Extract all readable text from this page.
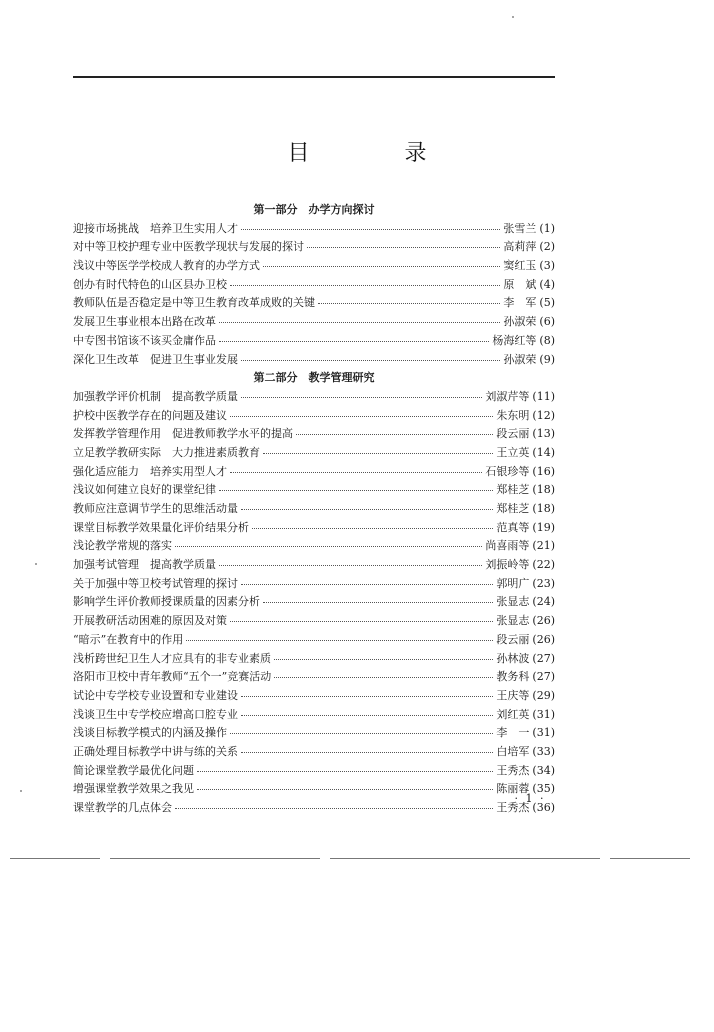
目 录
第一部分　办学方向探讨
迎接市场挑战　培养卫生实用人才	张雪兰 (1)
对中等卫校护理专业中医教学现状与发展的探讨	高莉萍 (2)
浅议中等医学学校成人教育的办学方式	窦红玉 (3)
创办有时代特色的山区县办卫校	原　斌 (4)
教师队伍是否稳定是中等卫生教育改革成败的关键	李　军 (5)
发展卫生事业根本出路在改革	孙淑荣 (6)
中专图书馆该不该买金庸作品	杨海红等 (8)
深化卫生改革　促进卫生事业发展	孙淑荣 (9)
第二部分　教学管理研究
加强教学评价机制　提高教学质量	刘淑芹等 (11)
护校中医教学存在的问题及建议	朱东明 (12)
发挥教学管理作用　促进教师教学水平的提高	段云丽 (13)
立足教学教研实际　大力推进素质教育	王立英 (14)
强化适应能力　培养实用型人才	石银珍等 (16)
浅议如何建立良好的课堂纪律	郑桂芝 (18)
教师应注意调节学生的思维活动量	郑桂芝 (18)
课堂目标教学效果量化评价结果分析	范真等 (19)
浅论教学常规的落实	尚喜雨等 (21)
加强考试管理　提高教学质量	刘振岭等 (22)
关于加强中等卫校考试管理的探讨	郭明广 (23)
影响学生评价教师授课质量的因素分析	张显志 (24)
开展教研活动困难的原因及对策	张显志 (26)
“暗示”在教育中的作用	段云丽 (26)
浅析跨世纪卫生人才应具有的非专业素质	孙林波 (27)
洛阳市卫校中青年教师“五个一”竞赛活动	教务科 (27)
试论中专学校专业设置和专业建设	王庆等 (29)
浅谈卫生中专学校应增高口腔专业	刘红英 (31)
浅谈目标教学模式的内涵及操作	李　一 (31)
正确处理目标教学中讲与练的关系	白培军 (33)
简论课堂教学最优化问题	王秀杰 (34)
增强课堂教学效果之我见	陈丽蓉 (35)
课堂教学的几点体会	王秀杰 (36)
· 1 ·
